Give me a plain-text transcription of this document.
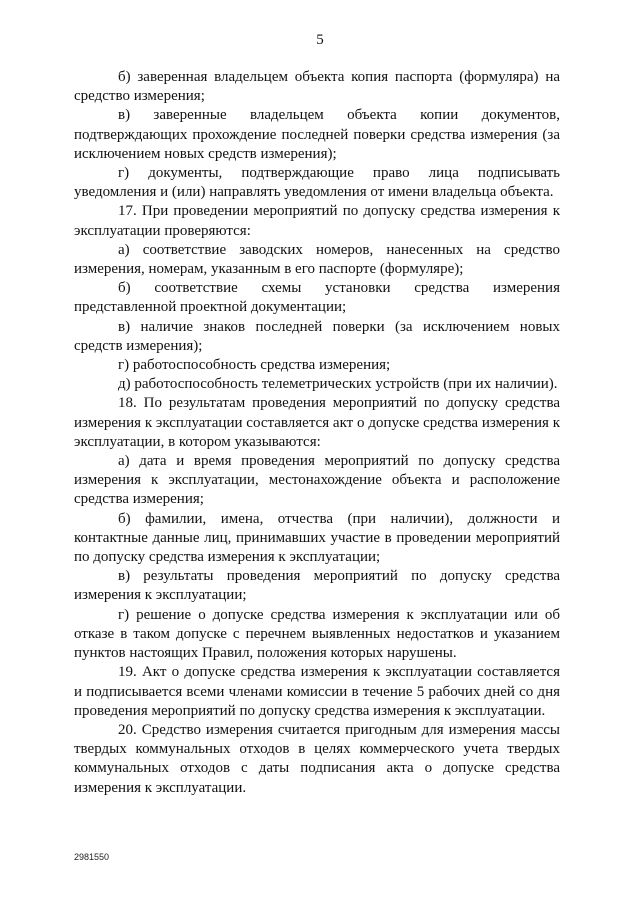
5

б) заверенная владельцем объекта копия паспорта (формуляра) на средство измерения;

в) заверенные владельцем объекта копии документов, подтверждающих прохождение последней поверки средства измерения (за исключением новых средств измерения);

г) документы, подтверждающие право лица подписывать уведомления и (или) направлять уведомления от имени владельца объекта.

17. При проведении мероприятий по допуску средства измерения к эксплуатации проверяются:

а) соответствие заводских номеров, нанесенных на средство измерения, номерам, указанным в его паспорте (формуляре);

б) соответствие схемы установки средства измерения представленной проектной документации;

в) наличие знаков последней поверки (за исключением новых средств измерения);

г) работоспособность средства измерения;

д) работоспособность телеметрических устройств (при их наличии).

18. По результатам проведения мероприятий по допуску средства измерения к эксплуатации составляется акт о допуске средства измерения к эксплуатации, в котором указываются:

а) дата и время проведения мероприятий по допуску средства измерения к эксплуатации, местонахождение объекта и расположение средства измерения;

б) фамилии, имена, отчества (при наличии), должности и контактные данные лиц, принимавших участие в проведении мероприятий по допуску средства измерения к эксплуатации;

в) результаты проведения мероприятий по допуску средства измерения к эксплуатации;

г) решение о допуске средства измерения к эксплуатации или об отказе в таком допуске с перечнем выявленных недостатков и указанием пунктов настоящих Правил, положения которых нарушены.

19. Акт о допуске средства измерения к эксплуатации составляется и подписывается всеми членами комиссии в течение 5 рабочих дней со дня проведения мероприятий по допуску средства измерения к эксплуатации.

20. Средство измерения считается пригодным для измерения массы твердых коммунальных отходов в целях коммерческого учета твердых коммунальных отходов с даты подписания акта о допуске средства измерения к эксплуатации.

2981550
